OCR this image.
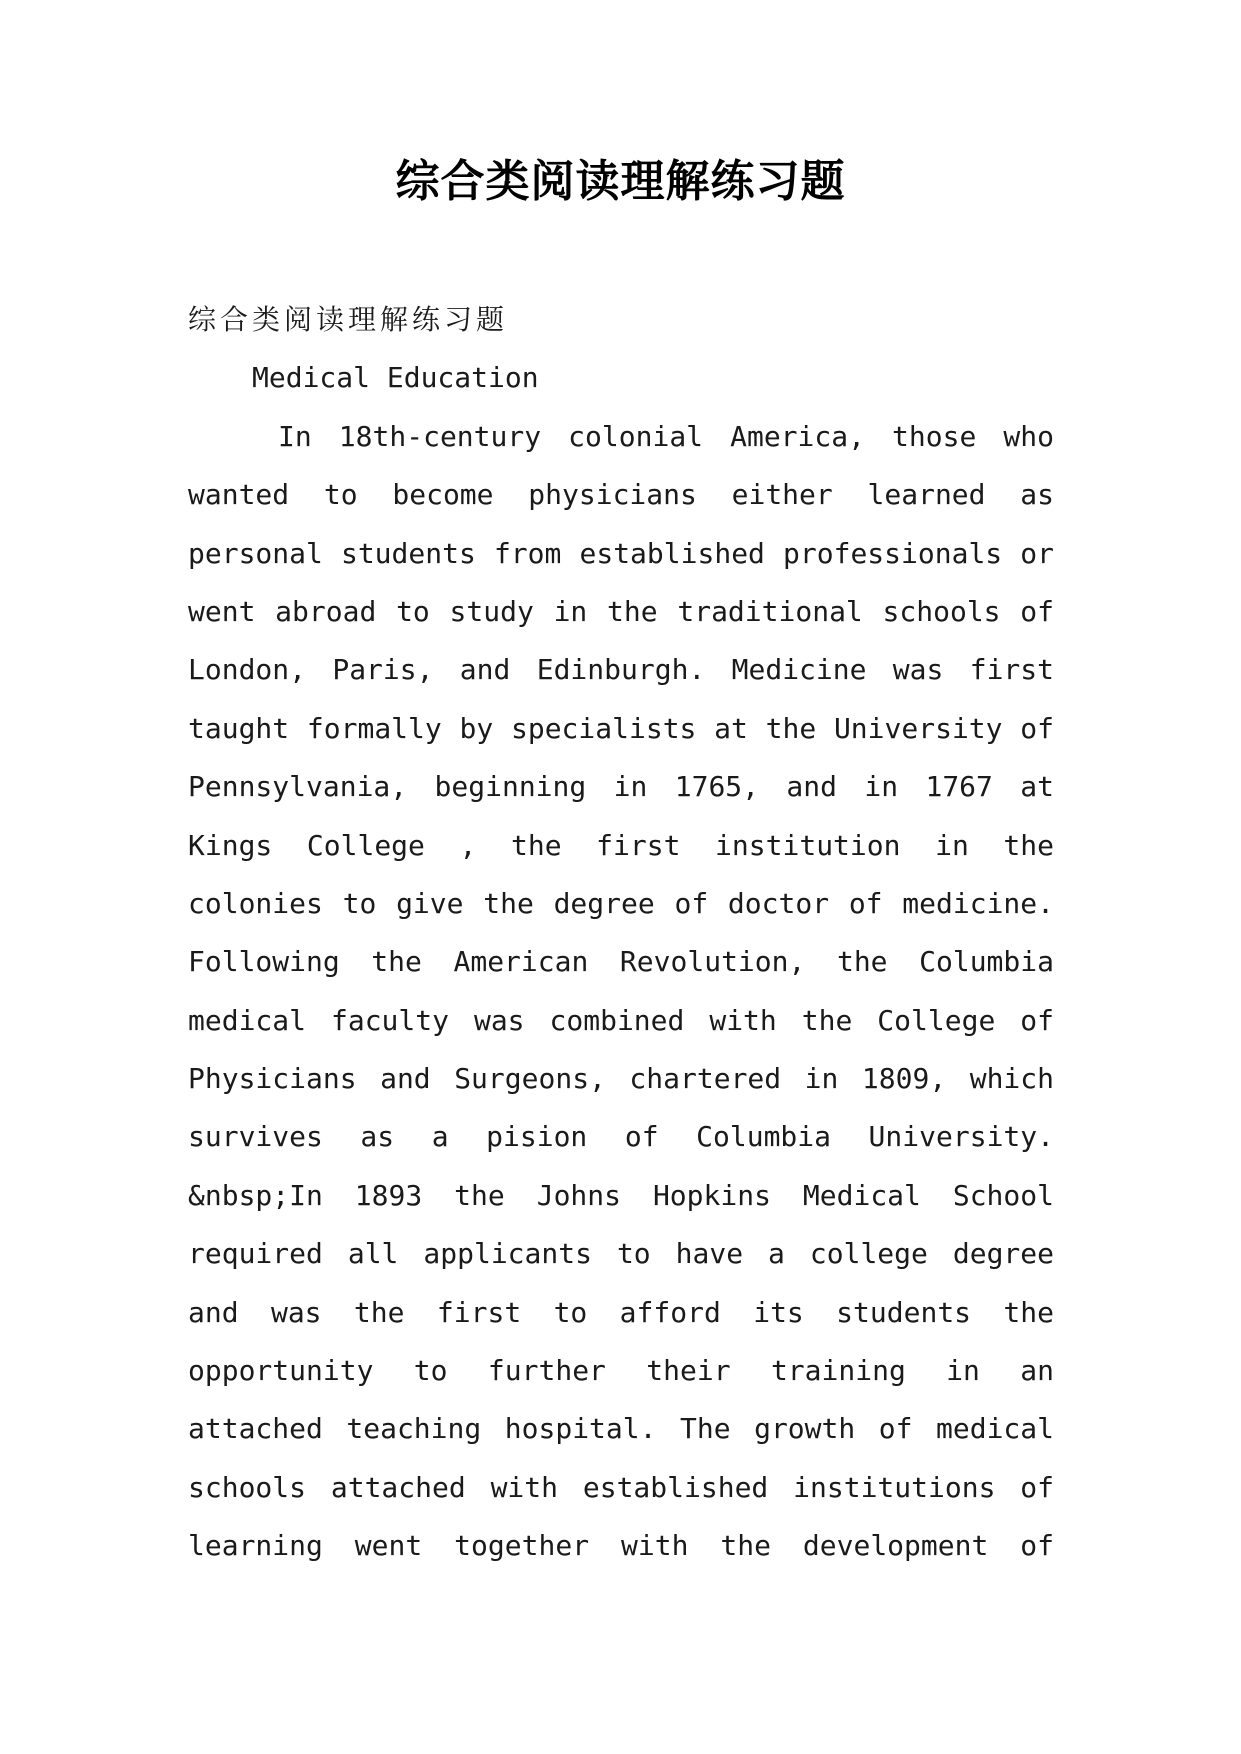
综合类阅读理解练习题
综合类阅读理解练习题
Medical Education
In 18th-century colonial America, those who
wanted to become physicians either learned as
personal students from established professionals or
went abroad to study in the traditional schools of
London, Paris, and Edinburgh. Medicine was first
taught formally by specialists at the University of
Pennsylvania, beginning in 1765, and in 1767 at
Kings College , the first institution in the
colonies to give the degree of doctor of medicine.
Following the American Revolution, the Columbia
medical faculty was combined with the College of
Physicians and Surgeons, chartered in 1809, which
survives as a pision of Columbia University.
&nbsp;In 1893 the Johns Hopkins Medical School
required all applicants to have a college degree
and was the first to afford its students the
opportunity to further their training in an
attached teaching hospital. The growth of medical
schools attached with established institutions of
learning went together with the development of
